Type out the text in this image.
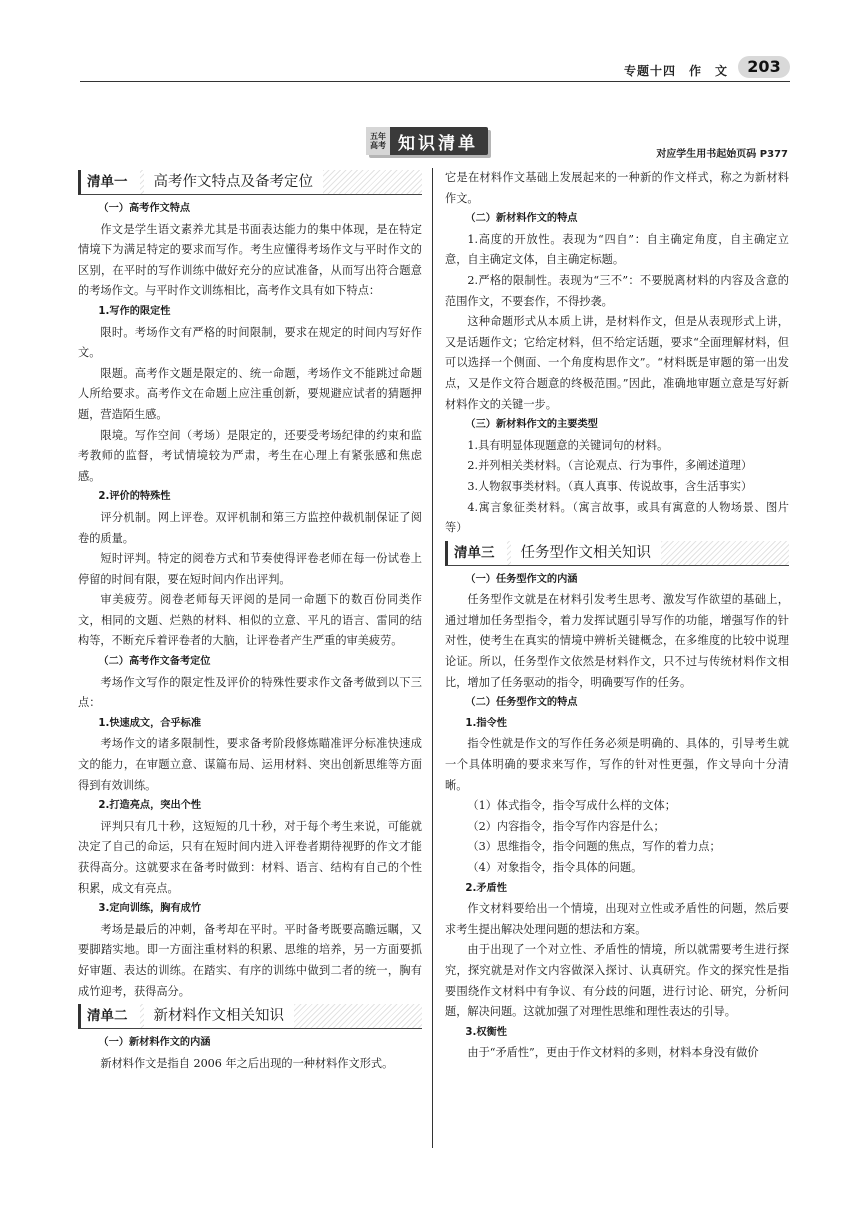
专题十四　作　文	203
五年
高考 知识清单
对应学生用书起始页码 P377
清单一	高考作文特点及备考定位

（一）高考作文特点

作文是学生语文素养尤其是书面表达能力的集中体现，是在特定情境下为满足特定的要求而写作。考生应懂得考场作文与平时作文的区别，在平时的写作训练中做好充分的应试准备，从而写出符合题意的考场作文。与平时作文训练相比，高考作文具有如下特点：

1.写作的限定性

限时。考场作文有严格的时间限制，要求在规定的时间内写好作文。

限题。高考作文题是限定的、统一命题，考场作文不能跳过命题人所给要求。高考作文在命题上应注重创新，要规避应试者的猜题押题，营造陌生感。

限境。写作空间（考场）是限定的，还要受考场纪律的约束和监考教师的监督，考试情境较为严肃，考生在心理上有紧张感和焦虑感。

2.评价的特殊性

评分机制。网上评卷。双评机制和第三方监控仲裁机制保证了阅卷的质量。

短时评判。特定的阅卷方式和节奏使得评卷老师在每一份试卷上停留的时间有限，要在短时间内作出评判。

审美疲劳。阅卷老师每天评阅的是同一命题下的数百份同类作文，相同的文题、烂熟的材料、相似的立意、平凡的语言、雷同的结构等，不断充斥着评卷者的大脑，让评卷者产生严重的审美疲劳。

（二）高考作文备考定位

考场作文写作的限定性及评价的特殊性要求作文备考做到以下三点：

1.快速成文，合乎标准

考场作文的诸多限制性，要求备考阶段修炼瞄准评分标准快速成文的能力，在审题立意、谋篇布局、运用材料、突出创新思维等方面得到有效训练。

2.打造亮点，突出个性

评判只有几十秒，这短短的几十秒，对于每个考生来说，可能就决定了自己的命运，只有在短时间内进入评卷者期待视野的作文才能获得高分。这就要求在备考时做到：材料、语言、结构有自己的个性积累，成文有亮点。

3.定向训练，胸有成竹

考场是最后的冲刺，备考却在平时。平时备考既要高瞻远瞩，又要脚踏实地。即一方面注重材料的积累、思维的培养，另一方面要抓好审题、表达的训练。在踏实、有序的训练中做到二者的统一，胸有成竹迎考，获得高分。

清单二	新材料作文相关知识

（一）新材料作文的内涵

新材料作文是指自 2006 年之后出现的一种材料作文形式。

它是在材料作文基础上发展起来的一种新的作文样式，称之为新材料作文。

（二）新材料作文的特点

1.高度的开放性。表现为“四自”：自主确定角度，自主确定立意，自主确定文体，自主确定标题。

2.严格的限制性。表现为“三不”：不要脱离材料的内容及含意的范围作文，不要套作，不得抄袭。

这种命题形式从本质上讲，是材料作文，但是从表现形式上讲，又是话题作文；它给定材料，但不给定话题，要求“全面理解材料，但可以选择一个侧面、一个角度构思作文”。“材料既是审题的第一出发点，又是作文符合题意的终极范围。”因此，准确地审题立意是写好新材料作文的关键一步。

（三）新材料作文的主要类型

1.具有明显体现题意的关键词句的材料。

2.并列相关类材料。（言论观点、行为事件，多阐述道理）

3.人物叙事类材料。（真人真事、传说故事，含生活事实）

4.寓言象征类材料。（寓言故事，或具有寓意的人物场景、图片等）

清单三	任务型作文相关知识

（一）任务型作文的内涵

任务型作文就是在材料引发考生思考、激发写作欲望的基础上，通过增加任务型指令，着力发挥试题引导写作的功能，增强写作的针对性，使考生在真实的情境中辨析关键概念，在多维度的比较中说理论证。所以，任务型作文依然是材料作文，只不过与传统材料作文相比，增加了任务驱动的指令，明确要写作的任务。

（二）任务型作文的特点

1.指令性

指令性就是作文的写作任务必须是明确的、具体的，引导考生就一个具体明确的要求来写作，写作的针对性更强，作文导向十分清晰。

（1）体式指令，指令写成什么样的文体；

（2）内容指令，指令写作内容是什么；

（3）思维指令，指令问题的焦点，写作的着力点；

（4）对象指令，指令具体的问题。

2.矛盾性

作文材料要给出一个情境，出现对立性或矛盾性的问题，然后要求考生提出解决处理问题的想法和方案。

由于出现了一个对立性、矛盾性的情境，所以就需要考生进行探究，探究就是对作文内容做深入探讨、认真研究。作文的探究性是指要围绕作文材料中有争议、有分歧的问题，进行讨论、研究，分析问题，解决问题。这就加强了对理性思维和理性表达的引导。

3.权衡性

由于“矛盾性”，更由于作文材料的多则，材料本身没有做价
